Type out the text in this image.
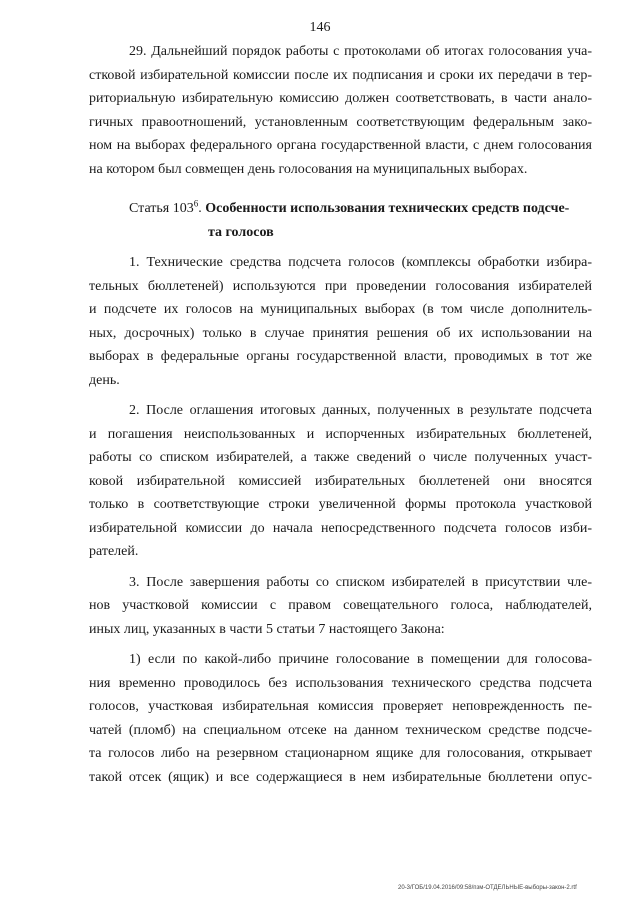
146
29. Дальнейший порядок работы с протоколами об итогах голосования уча-
стковой избирательной комиссии после их подписания и сроки их передачи в тер-
риториальную избирательную комиссию должен соответствовать, в части анало-
гичных правоотношений, установленным соответствующим федеральным зако-
ном на выборах федерального органа государственной власти, с днем голосования
на котором был совмещен день голосования на муниципальных выборах.
Статья $103^6$. Особенности использования технических средств подсче-
та голосов
1. Технические средства подсчета голосов (комплексы обработки избира-
тельных бюллетеней) используются при проведении голосования избирателей
и подсчете их голосов на муниципальных выборах (в том числе дополнитель-
ных, досрочных) только в случае принятия решения об их использовании на
выборах в федеральные органы государственной власти, проводимых в тот же
день.
2. После оглашения итоговых данных, полученных в результате подсчета
и погашения неиспользованных и испорченных избирательных бюллетеней,
работы со списком избирателей, а также сведений о числе полученных участ-
ковой избирательной комиссией избирательных бюллетеней они вносятся
только в соответствующие строки увеличенной формы протокола участковой
избирательной комиссии до начала непосредственного подсчета голосов изби-
рателей.
3. После завершения работы со списком избирателей в присутствии чле-
нов участковой комиссии с правом совещательного голоса, наблюдателей,
иных лиц, указанных в части 5 статьи 7 настоящего Закона:
1) если по какой-либо причине голосование в помещении для голосова-
ния временно проводилось без использования технического средства подсчета
голосов, участковая избирательная комиссия проверяет неповрежденность пе-
чатей (пломб) на специальном отсеке на данном техническом средстве подсче-
та голосов либо на резервном стационарном ящике для голосования, открывает
такой отсек (ящик) и все содержащиеся в нем избирательные бюллетени опус-
20-3/ГОБ/19.04.2016/09:58/пзм-ОТДЕЛЬНЫЕ-выборы-закон-2.rtf
